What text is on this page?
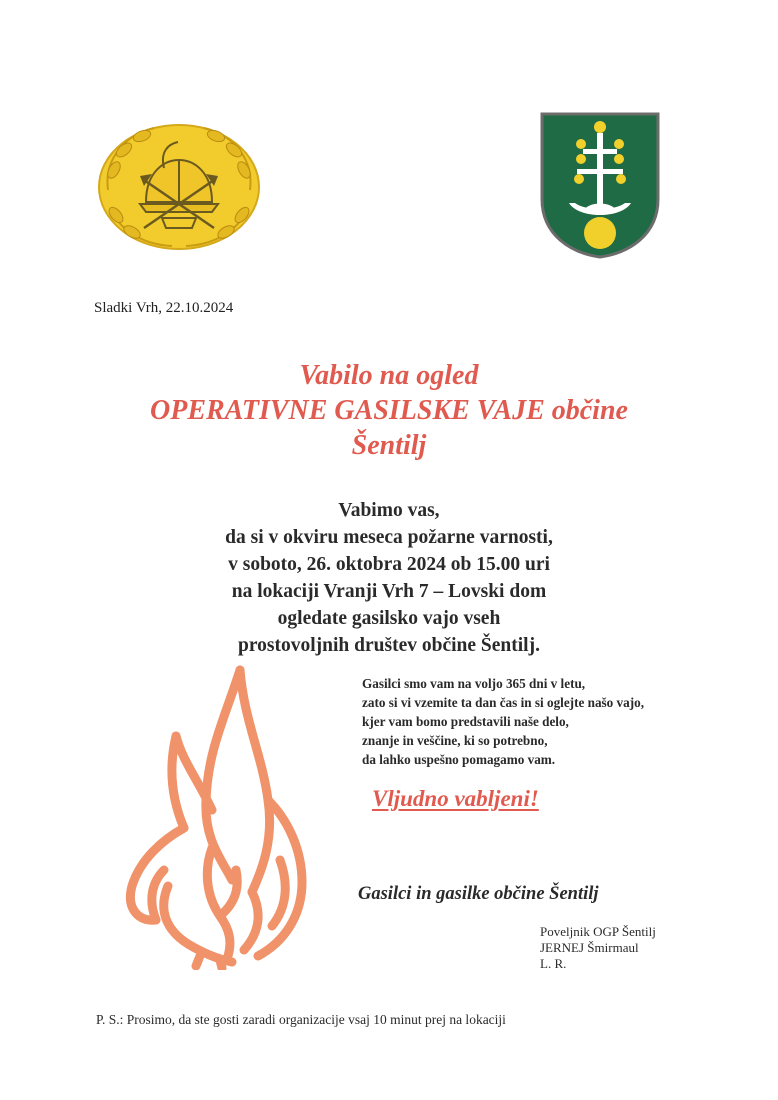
Sladki Vrh, 22.10.2024
Vabilo na ogled
OPERATIVNE GASILSKE VAJE občine
Šentilj
Vabimo vas,
da si v okviru meseca požarne varnosti,
v soboto, 26. oktobra 2024 ob 15.00 uri
na lokaciji Vranji Vrh 7 – Lovski dom
ogledate gasilsko vajo vseh
prostovoljnih društev občine Šentilj.
Gasilci smo vam na voljo 365 dni v letu,
zato si vi vzemite ta dan čas in si oglejte našo vajo,
kjer vam bomo predstavili naše delo,
znanje in veščine, ki so potrebno,
da lahko uspešno pomagamo vam.
Vljudno vabljeni!
Gasilci in gasilke občine Šentilj
Poveljnik OGP Šentilj
JERNEJ Šmirmaul
L. R.
P. S.: Prosimo, da ste gosti zaradi organizacije vsaj 10 minut prej na lokaciji
